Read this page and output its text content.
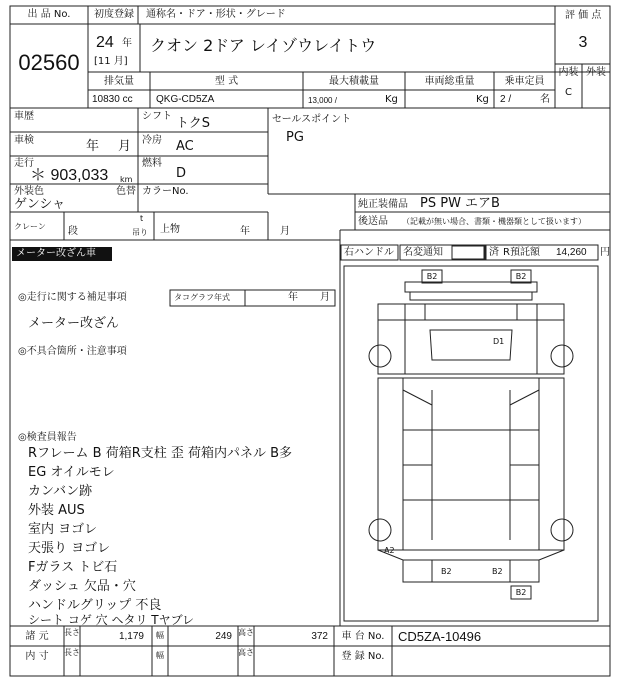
出 品 No.
02560
初度登録
24 年
[11 月]
通称名・ドア・形状・グレード
クオン 2ドア レイゾウレイトウ
評 価 点
3
内装 外装
C
排気量
10830 cc
型 式
QKG-CD5ZA
最大積載量
13,000 /	Kg
車両総重量
Kg
乗車定員
2 /	名
車歴	シフト トクS	セールスポイント
PG
車検	年 月 冷房 AC
走行
＊ 903,033 km
燃料
D
外装色
ゲンシャ
色替 カラーNo.
純正装備品 PS PW エアB
後送品 （記載が無い場合、書類・機器類として扱います）
クレーン 段
t
吊り 上物	年	月
メーター改ざん車	右ハンドル 名変通知	済 R預託額 14,260 円
◎走行に関する補足事項	タコグラフ年式	年 月
メーター改ざん
◎不具合箇所・注意事項
◎検査員報告
Rフレーム B 荷箱R支柱 歪 荷箱内パネル B多
EG オイルモレ
カンバン跡
外装 AUS
室内 ヨゴレ
天張り ヨゴレ
Fガラス トビ石
ダッシュ 欠品・穴
ハンドルグリップ 不良
シート コゲ 穴 ヘタリ Tヤブレ
B2	B2
D1
A2
B2	B2
B2
諸 元	長さ	1,179	幅	249 高さ	372	車 台 No.	CD5ZA-10496
内 寸	長さ	幅	高さ	登 録 No.
